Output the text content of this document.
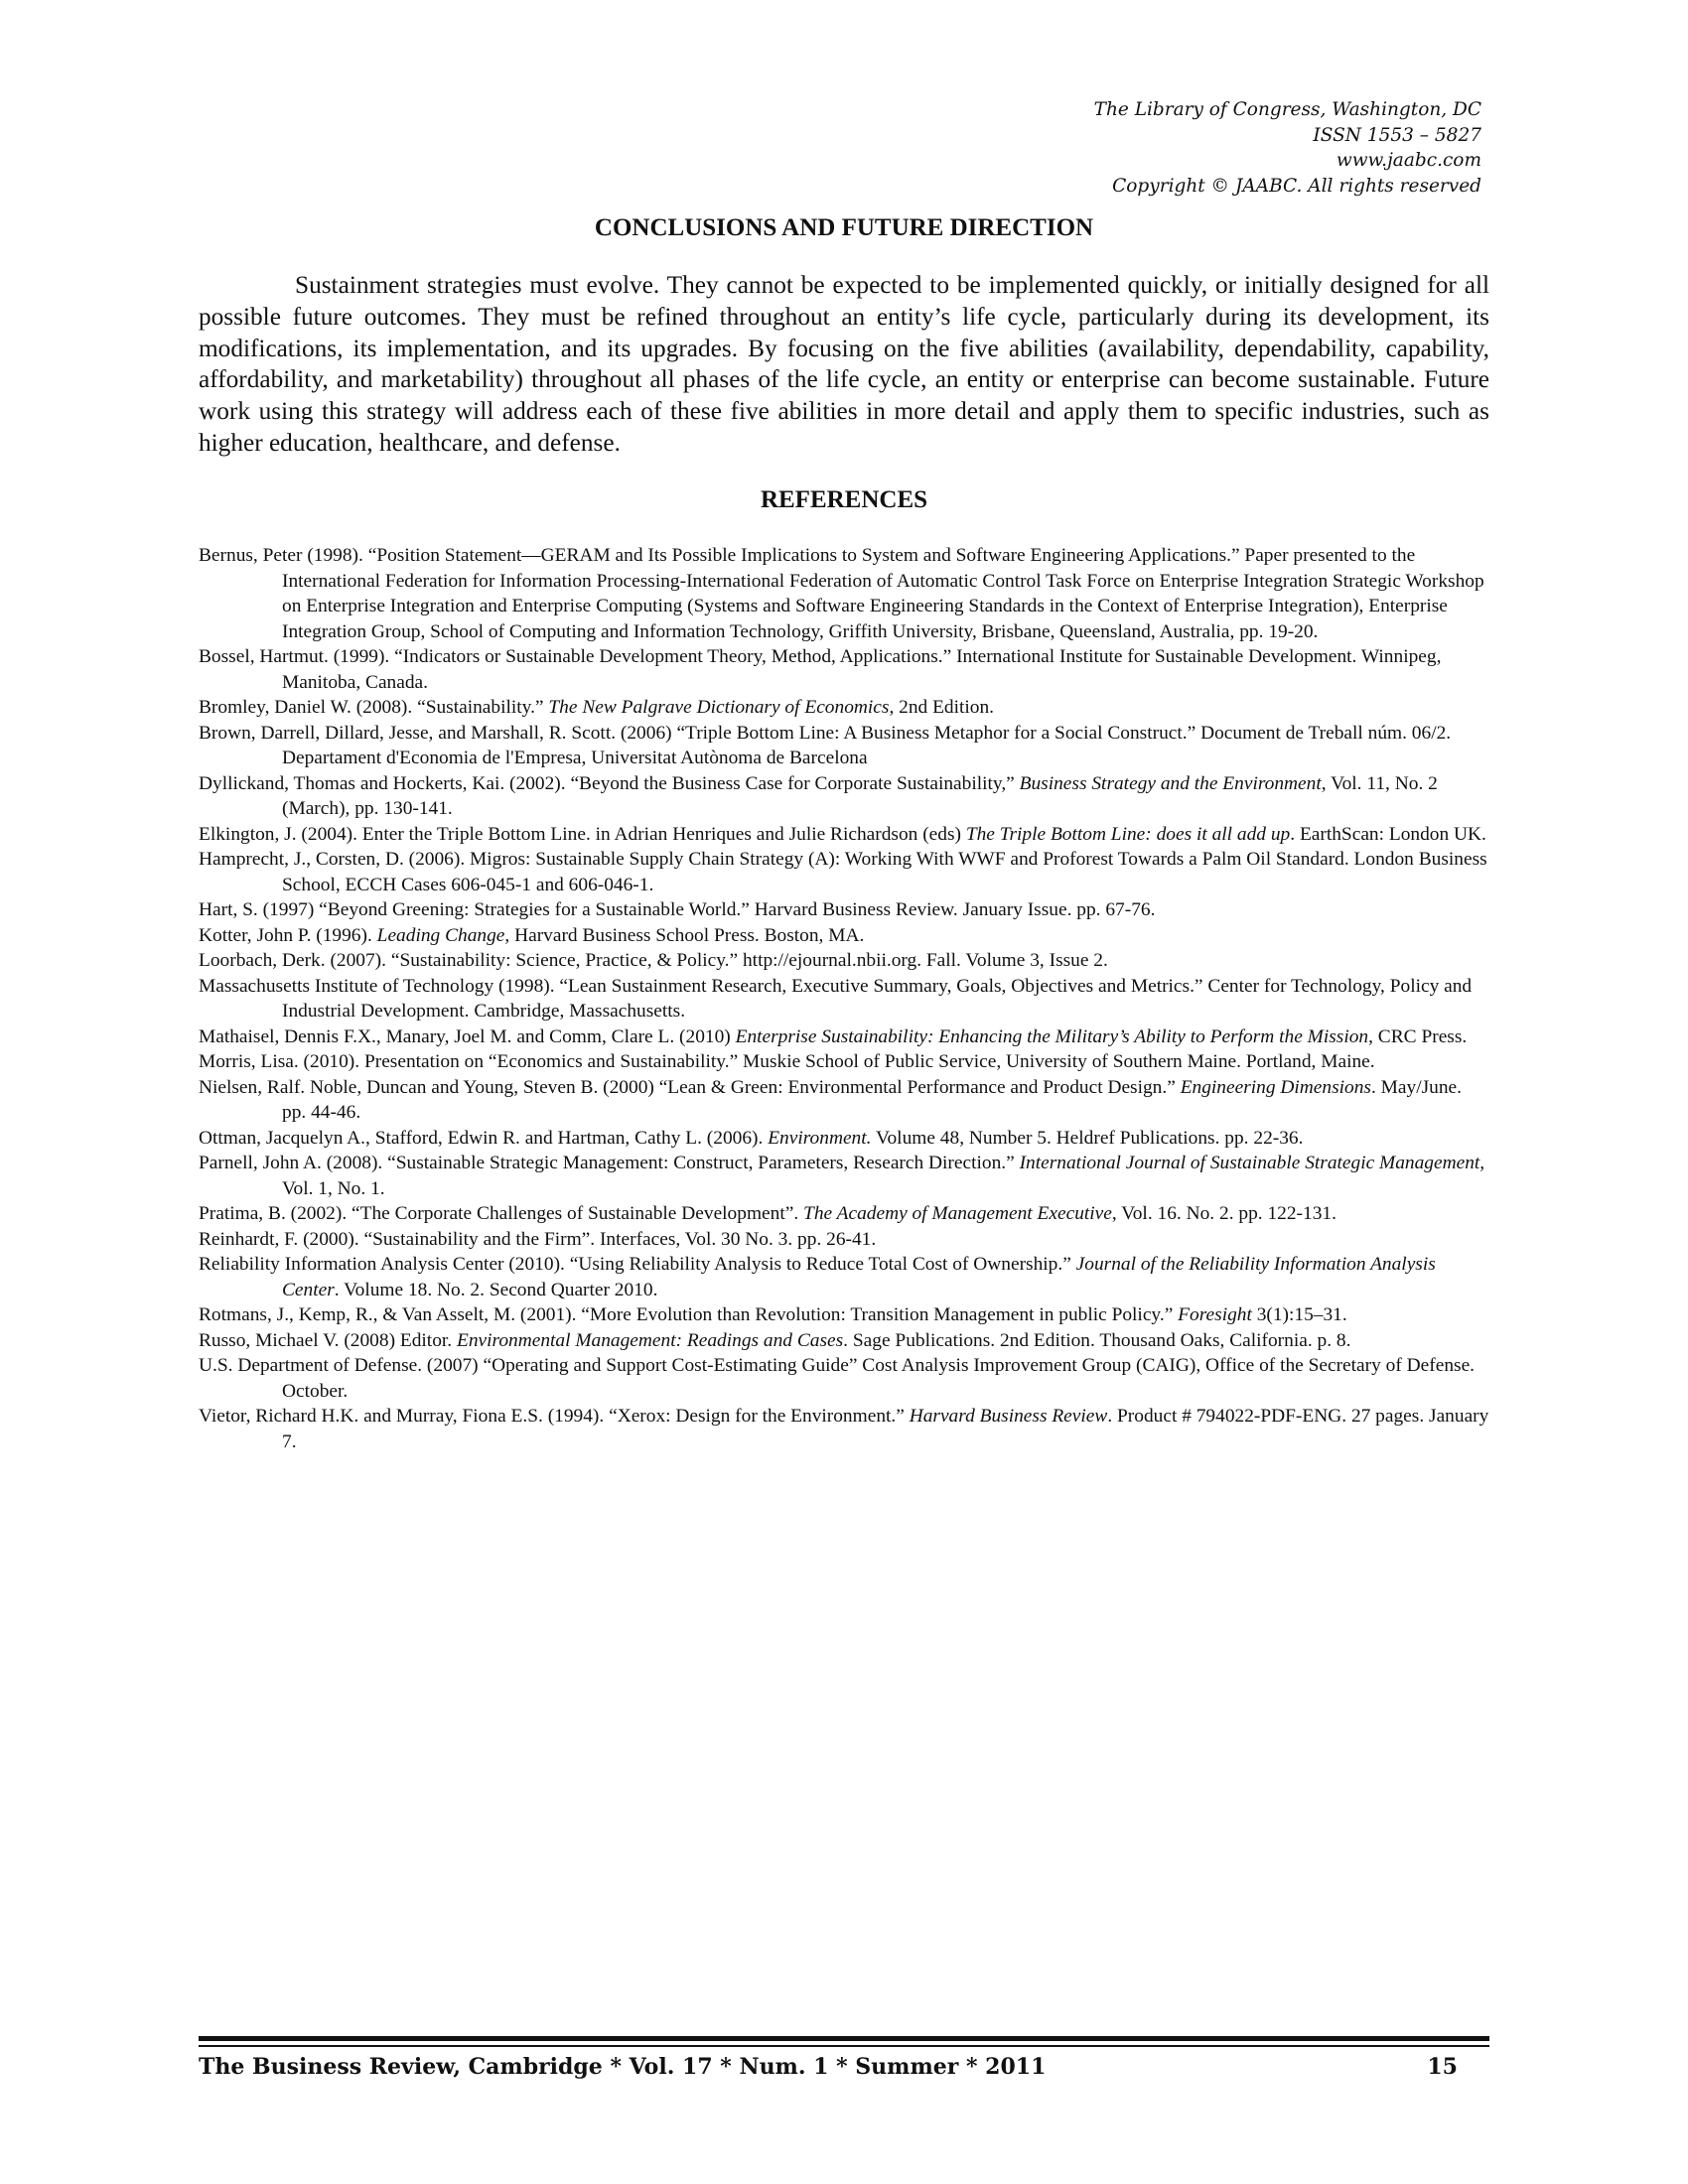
The Library of Congress, Washington, DC
ISSN 1553 – 5827
www.jaabc.com
Copyright © JAABC. All rights reserved
CONCLUSIONS AND FUTURE DIRECTION
Sustainment strategies must evolve. They cannot be expected to be implemented quickly, or initially designed for all possible future outcomes. They must be refined throughout an entity’s life cycle, particularly during its development, its modifications, its implementation, and its upgrades. By focusing on the five abilities (availability, dependability, capability, affordability, and marketability) throughout all phases of the life cycle, an entity or enterprise can become sustainable. Future work using this strategy will address each of these five abilities in more detail and apply them to specific industries, such as higher education, healthcare, and defense.
REFERENCES
Bernus, Peter (1998). “Position Statement—GERAM and Its Possible Implications to System and Software Engineering Applications.” Paper presented to the International Federation for Information Processing-International Federation of Automatic Control Task Force on Enterprise Integration Strategic Workshop on Enterprise Integration and Enterprise Computing (Systems and Software Engineering Standards in the Context of Enterprise Integration), Enterprise Integration Group, School of Computing and Information Technology, Griffith University, Brisbane, Queensland, Australia, pp. 19-20.
Bossel, Hartmut. (1999). “Indicators or Sustainable Development Theory, Method, Applications.” International Institute for Sustainable Development. Winnipeg, Manitoba, Canada.
Bromley, Daniel W. (2008). “Sustainability.” The New Palgrave Dictionary of Economics, 2nd Edition.
Brown, Darrell, Dillard, Jesse, and Marshall, R. Scott. (2006) “Triple Bottom Line: A Business Metaphor for a Social Construct.” Document de Treball núm. 06/2. Departament d'Economia de l'Empresa, Universitat Autònoma de Barcelona
Dyllickand, Thomas and Hockerts, Kai. (2002). “Beyond the Business Case for Corporate Sustainability,” Business Strategy and the Environment, Vol. 11, No. 2 (March), pp. 130-141.
Elkington, J. (2004). Enter the Triple Bottom Line. in Adrian Henriques and Julie Richardson (eds) The Triple Bottom Line: does it all add up. EarthScan: London UK.
Hamprecht, J., Corsten, D. (2006). Migros: Sustainable Supply Chain Strategy (A): Working With WWF and Proforest Towards a Palm Oil Standard. London Business School, ECCH Cases 606-045-1 and 606-046-1.
Hart, S. (1997) “Beyond Greening: Strategies for a Sustainable World.” Harvard Business Review. January Issue. pp. 67-76.
Kotter, John P. (1996). Leading Change, Harvard Business School Press. Boston, MA.
Loorbach, Derk. (2007). “Sustainability: Science, Practice, & Policy.” http://ejournal.nbii.org. Fall. Volume 3, Issue 2.
Massachusetts Institute of Technology (1998). “Lean Sustainment Research, Executive Summary, Goals, Objectives and Metrics.” Center for Technology, Policy and Industrial Development. Cambridge, Massachusetts.
Mathaisel, Dennis F.X., Manary, Joel M. and Comm, Clare L. (2010) Enterprise Sustainability: Enhancing the Military’s Ability to Perform the Mission, CRC Press.
Morris, Lisa. (2010). Presentation on “Economics and Sustainability.” Muskie School of Public Service, University of Southern Maine. Portland, Maine.
Nielsen, Ralf. Noble, Duncan and Young, Steven B. (2000) “Lean & Green: Environmental Performance and Product Design.” Engineering Dimensions. May/June. pp. 44-46.
Ottman, Jacquelyn A., Stafford, Edwin R. and Hartman, Cathy L. (2006). Environment. Volume 48, Number 5. Heldref Publications. pp. 22-36.
Parnell, John A. (2008). “Sustainable Strategic Management: Construct, Parameters, Research Direction.” International Journal of Sustainable Strategic Management, Vol. 1, No. 1.
Pratima, B. (2002). “The Corporate Challenges of Sustainable Development”. The Academy of Management Executive, Vol. 16. No. 2. pp. 122-131.
Reinhardt, F. (2000). “Sustainability and the Firm”. Interfaces, Vol. 30 No. 3. pp. 26-41.
Reliability Information Analysis Center (2010). “Using Reliability Analysis to Reduce Total Cost of Ownership.” Journal of the Reliability Information Analysis Center. Volume 18. No. 2. Second Quarter 2010.
Rotmans, J., Kemp, R., & Van Asselt, M. (2001). “More Evolution than Revolution: Transition Management in public Policy.” Foresight 3(1):15–31.
Russo, Michael V. (2008) Editor. Environmental Management: Readings and Cases. Sage Publications. 2nd Edition. Thousand Oaks, California. p. 8.
U.S. Department of Defense. (2007) “Operating and Support Cost-Estimating Guide” Cost Analysis Improvement Group (CAIG), Office of the Secretary of Defense. October.
Vietor, Richard H.K. and Murray, Fiona E.S. (1994). “Xerox: Design for the Environment.” Harvard Business Review. Product # 794022-PDF-ENG. 27 pages. January 7.
The Business Review, Cambridge * Vol. 17 * Num. 1 * Summer * 2011	15
